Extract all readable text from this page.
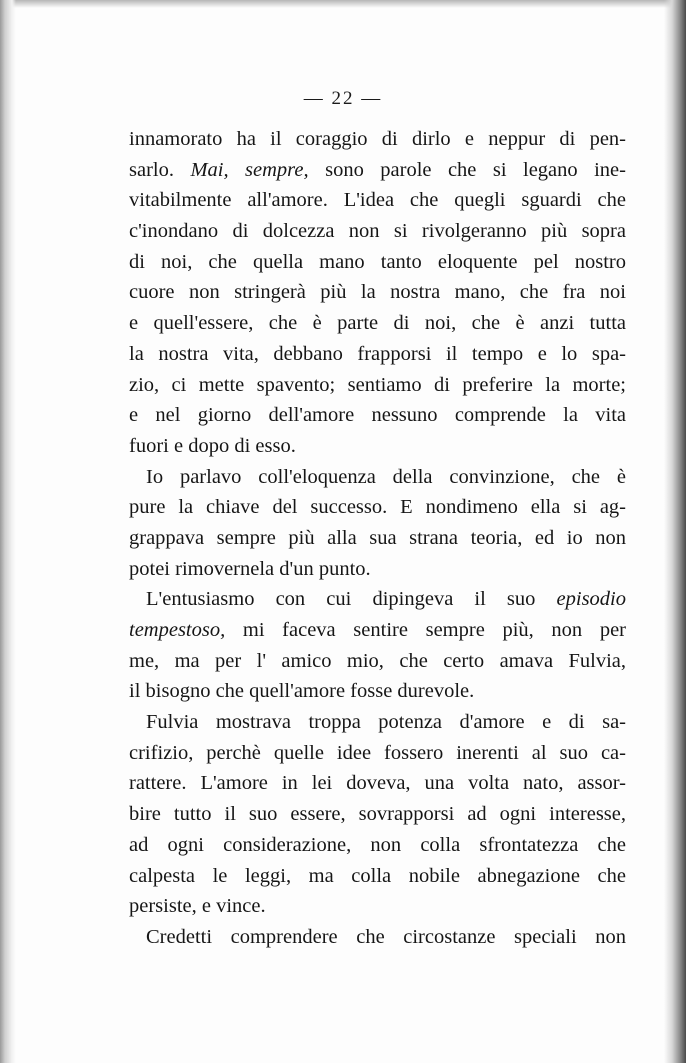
— 22 —
innamorato ha il coraggio di dirlo e neppur di pen-
sarlo. Mai, sempre, sono parole che si legano ine-
vitabilmente all'amore. L'idea che quegli sguardi che
c'inondano di dolcezza non si rivolgeranno più sopra
di noi, che quella mano tanto eloquente pel nostro
cuore non stringerà più la nostra mano, che fra noi
e quell'essere, che è parte di noi, che è anzi tutta
la nostra vita, debbano frapporsi il tempo e lo spa-
zio, ci mette spavento; sentiamo di preferire la morte;
e nel giorno dell'amore nessuno comprende la vita
fuori e dopo di esso.
Io parlavo coll'eloquenza della convinzione, che è
pure la chiave del successo. E nondimeno ella si ag-
grappava sempre più alla sua strana teoria, ed io non
potei rimovernela d'un punto.
L'entusiasmo con cui dipingeva il suo episodio
tempestoso, mi faceva sentire sempre più, non per
me, ma per l' amico mio, che certo amava Fulvia,
il bisogno che quell'amore fosse durevole.
Fulvia mostrava troppa potenza d'amore e di sa-
crifizio, perchè quelle idee fossero inerenti al suo ca-
rattere. L'amore in lei doveva, una volta nato, assor-
bire tutto il suo essere, sovrapporsi ad ogni interesse,
ad ogni considerazione, non colla sfrontatezza che
calpesta le leggi, ma colla nobile abnegazione che
persiste, e vince.
Credetti comprendere che circostanze speciali non
